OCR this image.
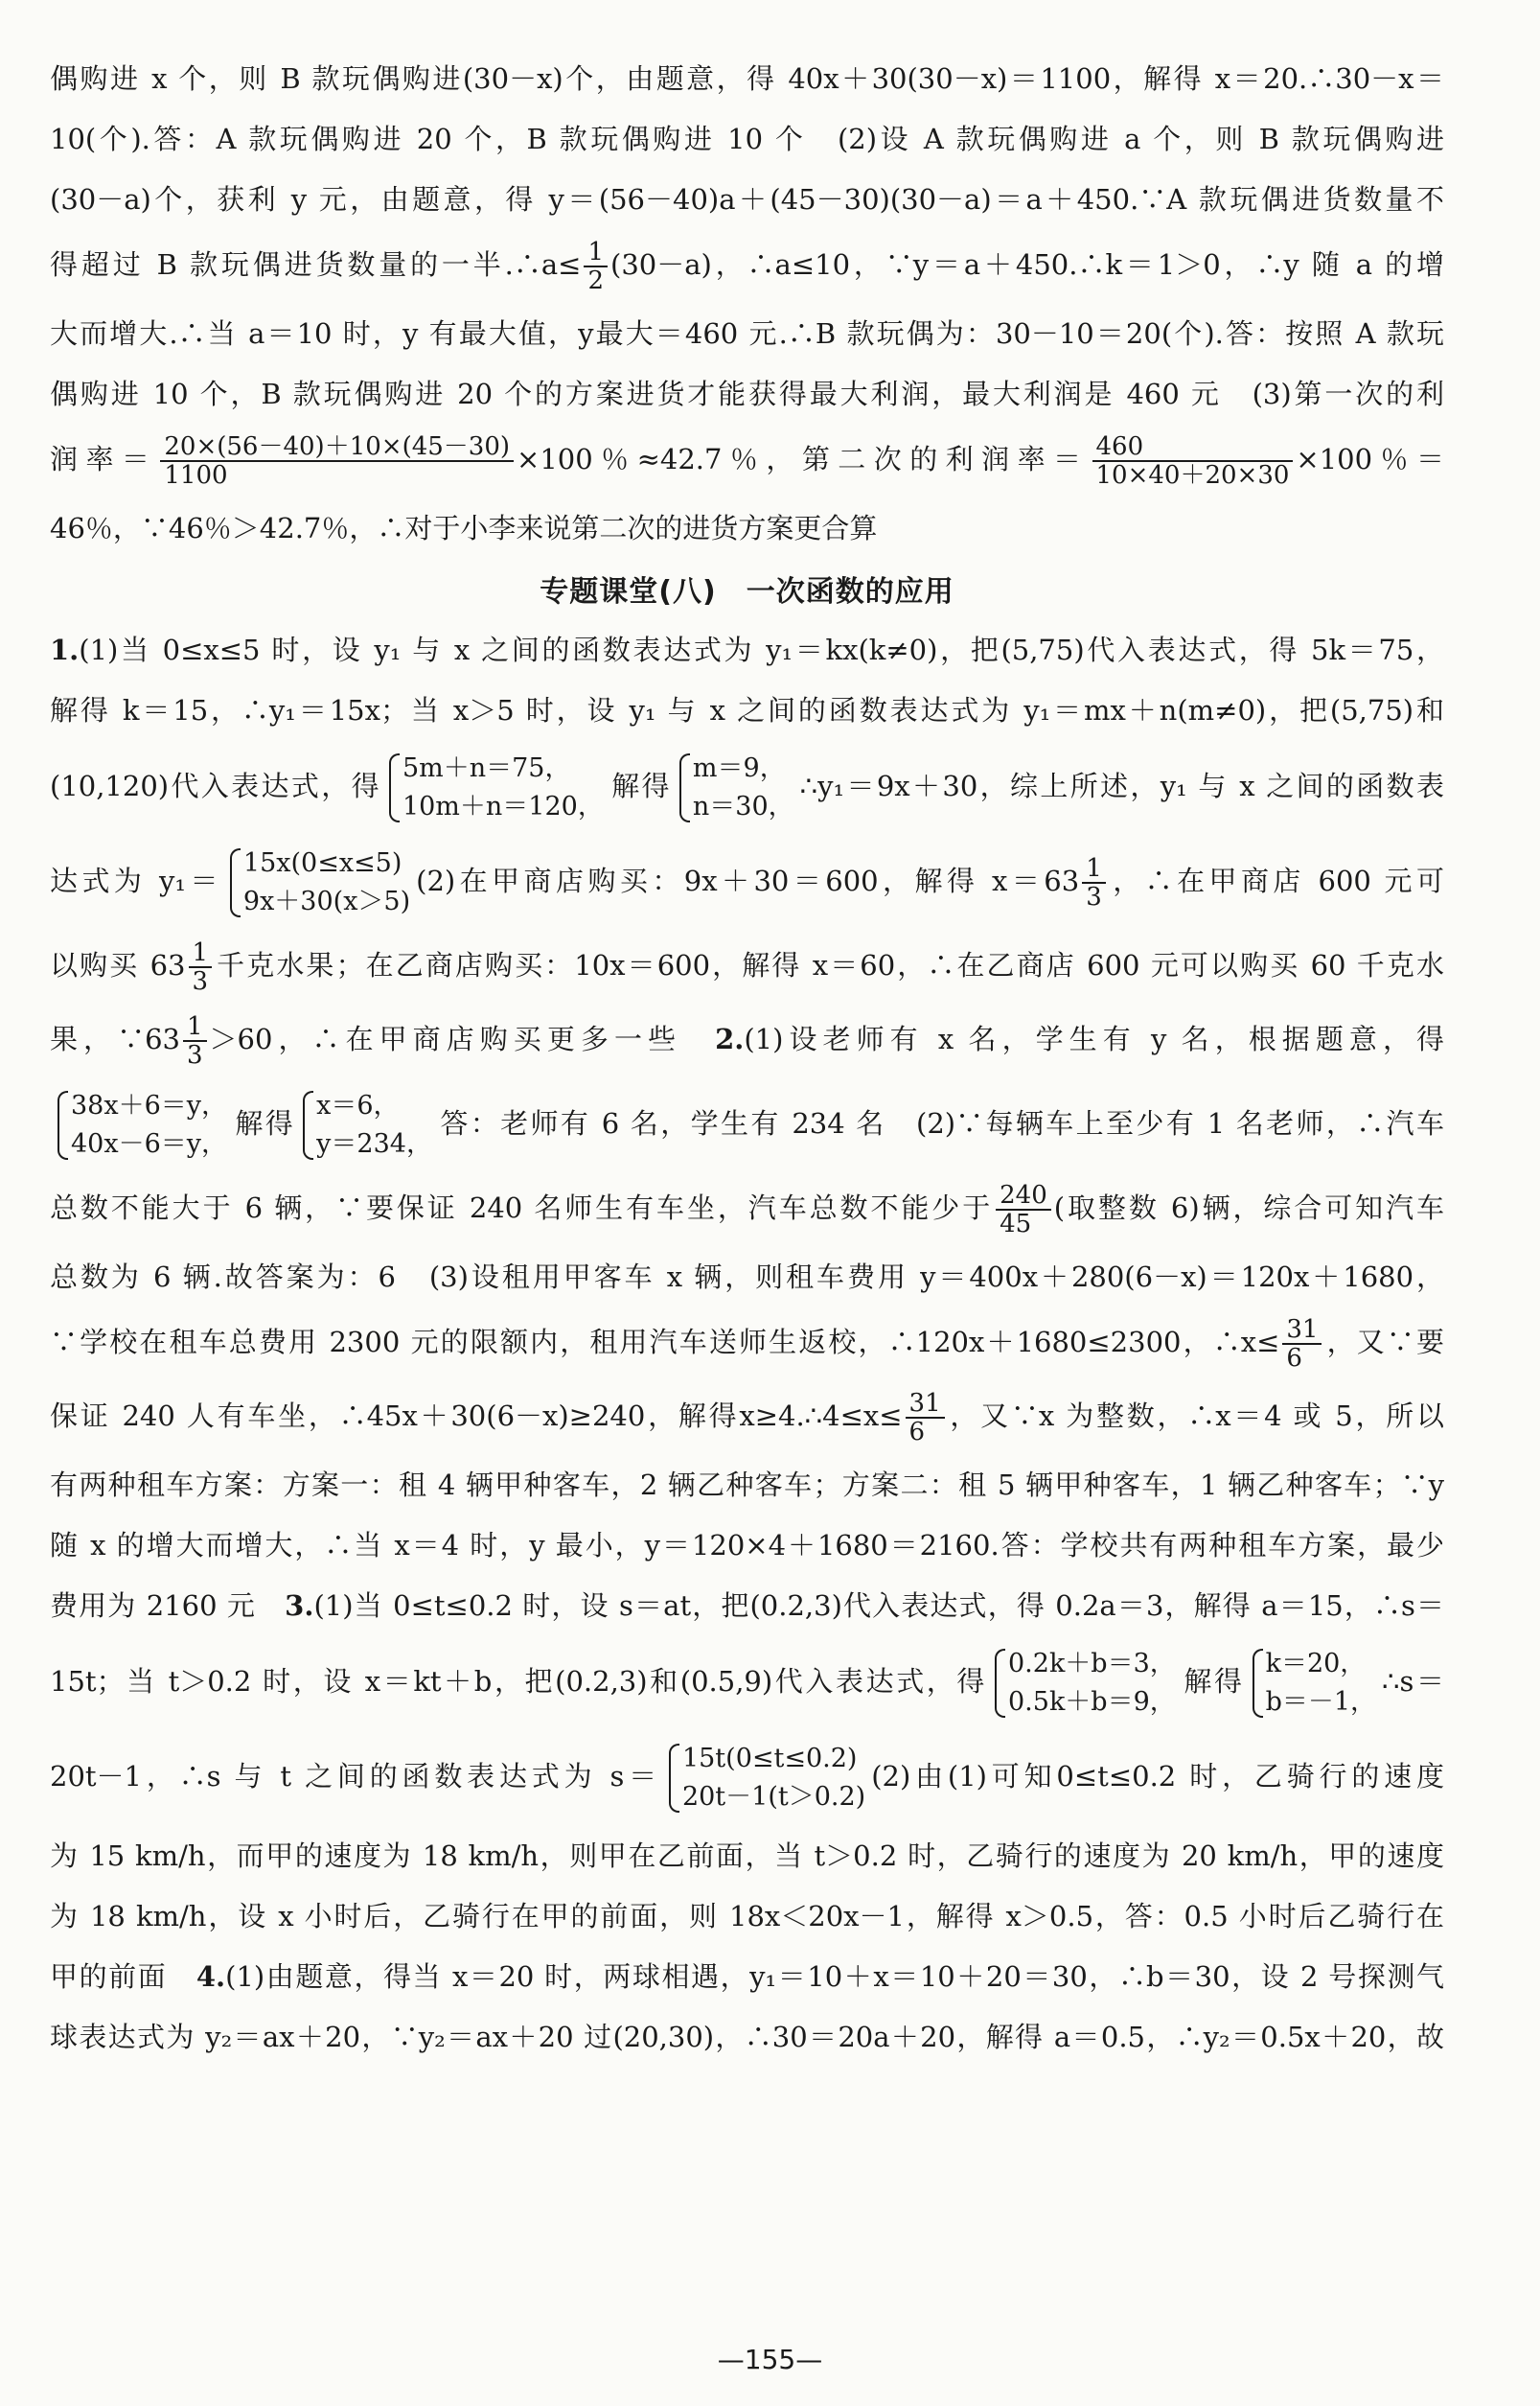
偶购进 x 个，则 B 款玩偶购进(30－x)个，由题意，得 40x＋30(30－x)＝1100，解得 x＝20.∴30－x＝
10(个).答：A 款玩偶购进 20 个，B 款玩偶购进 10 个　(2)设 A 款玩偶购进 a 个，则 B 款玩偶购进
(30－a)个，获利 y 元，由题意，得 y＝(56－40)a＋(45－30)(30－a)＝a＋450.∵A 款玩偶进货数量不
得超过 B 款玩偶进货数量的一半.∴a≤ $\frac{1}{2} (30-a)$，∴a≤10，∵y＝a＋450.∴k＝1＞0，∴y 随 a 的增
大而增大.∴当 a＝10 时，y 有最大值，y最大＝460 元.∴B 款玩偶为：30－10＝20(个).答：按照 A 款玩
偶购进 10 个，B 款玩偶购进 20 个的方案进货才能获得最大利润，最大利润是 460 元　(3)第一次的利
润率＝ $\frac{20\times(56-40)+10\times(45-30)}{1100} \times 100$％≈42.7％，第二次的利润率＝ $\frac{460}{10\times 40+20\times 30} \times 100$％＝
46％，∵46％＞42.7％，∴对于小李来说第二次的进货方案更合算
专题课堂(八)　一次函数的应用
1.(1)当 0≤x≤5 时，设 y₁ 与 x 之间的函数表达式为 y₁＝kx(k≠0)，把(5,75)代入表达式，得 5k＝75，
解得 k＝15，∴y₁＝15x；当 x＞5 时，设 y₁ 与 x 之间的函数表达式为 y₁＝mx＋n(m≠0)，把(5,75)和
(10,120)代入表达式，得
5m＋n＝75，
10m＋n＝120，
解得
m＝9，
n＝30，
∴y₁＝9x＋30，综上所述，y₁ 与 x 之间的函数表
达式为 y₁＝
15x(0≤x≤5)
9x＋30(x＞5)
(2)在甲商店购买：9x＋30＝600，解得 $x=63 \frac{1}{3}$ ，∴在甲商店 600 元可
以购买 $63 \frac{1}{3}$ 千克水果；在乙商店购买：10x＝600，解得 x＝60，∴在乙商店 600 元可以购买 60 千克水
果，∵63 $\frac{1}{3} >60$，∴在甲商店购买更多一些　2.(1)设老师有 x 名，学生有 y 名，根据题意，得
38x＋6＝y，
40x－6＝y，
解得
x＝6，
y＝234，
答：老师有 6 名，学生有 234 名　(2)∵每辆车上至少有 1 名老师，∴汽车
总数不能大于 6 辆，∵要保证 240 名师生有车坐，汽车总数不能少于 $\frac{240}{45}$ (取整数 6)辆，综合可知汽车
总数为 6 辆.故答案为：6　(3)设租用甲客车 x 辆，则租车费用 y＝400x＋280(6－x)＝120x＋1680，
∵学校在租车总费用 2300 元的限额内，租用汽车送师生返校，∴120x＋1680≤2300，∴x≤ $\frac{31}{6}$ ，又∵要
保证 240 人有车坐，∴45x＋30(6－x)≥240，解得x≥4.∴4≤x≤ $\frac{31}{6}$ ，又∵x 为整数，∴x＝4 或 5，所以
有两种租车方案：方案一：租 4 辆甲种客车，2 辆乙种客车；方案二：租 5 辆甲种客车，1 辆乙种客车；∵y
随 x 的增大而增大，∴当 x＝4 时，y 最小，y＝120×4＋1680＝2160.答：学校共有两种租车方案，最少
费用为 2160 元　3.(1)当 0≤t≤0.2 时，设 s＝at，把(0.2,3)代入表达式，得 0.2a＝3，解得 a＝15，∴s＝
15t；当 t＞0.2 时，设 x＝kt＋b，把(0.2,3)和(0.5,9)代入表达式，得
0.2k＋b＝3，
0.5k＋b＝9，
解得
k＝20，
b＝－1，
∴s＝
20t－1，∴s 与 t 之间的函数表达式为 s＝
15t(0≤t≤0.2)
20t－1(t＞0.2)
(2)由(1)可知0≤t≤0.2 时，乙骑行的速度
为 15 km/h，而甲的速度为 18 km/h，则甲在乙前面，当 t＞0.2 时，乙骑行的速度为 20 km/h，甲的速度
为 18 km/h，设 x 小时后，乙骑行在甲的前面，则 18x＜20x－1，解得 x＞0.5，答：0.5 小时后乙骑行在
甲的前面　4.(1)由题意，得当 x＝20 时，两球相遇，y₁＝10＋x＝10＋20＝30，∴b＝30，设 2 号探测气
球表达式为 y₂＝ax＋20，∵y₂＝ax＋20 过(20,30)，∴30＝20a＋20，解得 a＝0.5，∴y₂＝0.5x＋20，故
—155—
